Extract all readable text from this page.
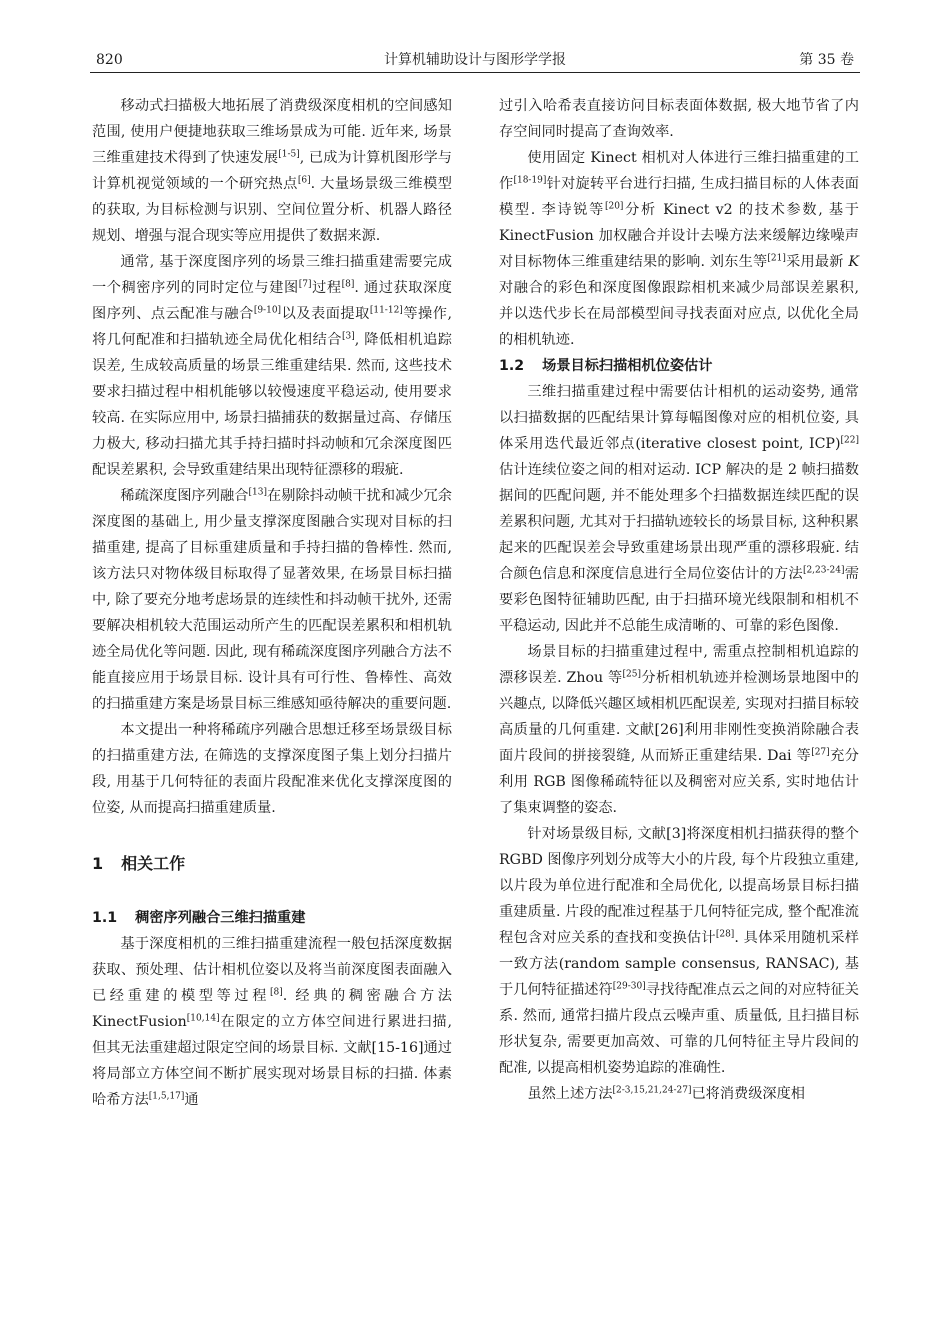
820	计算机辅助设计与图形学学报	第 35 卷

移动式扫描极大地拓展了消费级深度相机的空间感知范围, 使用户便捷地获取三维场景成为可能. 近年来, 场景三维重建技术得到了快速发展[1-5], 已成为计算机图形学与计算机视觉领域的一个研究热点[6]. 大量场景级三维模型的获取, 为目标检测与识别、空间位置分析、机器人路径规划、增强与混合现实等应用提供了数据来源.

通常, 基于深度图序列的场景三维扫描重建需要完成一个稠密序列的同时定位与建图[7]过程[8]. 通过获取深度图序列、点云配准与融合[9-10]以及表面提取[11-12]等操作, 将几何配准和扫描轨迹全局优化相结合[3], 降低相机追踪误差, 生成较高质量的场景三维重建结果. 然而, 这些技术要求扫描过程中相机能够以较慢速度平稳运动, 使用要求较高. 在实际应用中, 场景扫描捕获的数据量过高、存储压力极大, 移动扫描尤其手持扫描时抖动帧和冗余深度图匹配误差累积, 会导致重建结果出现特征漂移的瑕疵.

稀疏深度图序列融合[13]在剔除抖动帧干扰和减少冗余深度图的基础上, 用少量支撑深度图融合实现对目标的扫描重建, 提高了目标重建质量和手持扫描的鲁棒性. 然而, 该方法只对物体级目标取得了显著效果, 在场景目标扫描中, 除了要充分地考虑场景的连续性和抖动帧干扰外, 还需要解决相机较大范围运动所产生的匹配误差累积和相机轨迹全局优化等问题. 因此, 现有稀疏深度图序列融合方法不能直接应用于场景目标. 设计具有可行性、鲁棒性、高效的扫描重建方案是场景目标三维感知亟待解决的重要问题.

本文提出一种将稀疏序列融合思想迁移至场景级目标的扫描重建方法, 在筛选的支撑深度图子集上划分扫描片段, 用基于几何特征的表面片段配准来优化支撑深度图的位姿, 从而提高扫描重建质量.

1 相关工作
1.1 稠密序列融合三维扫描重建

基于深度相机的三维扫描重建流程一般包括深度数据获取、预处理、估计相机位姿以及将当前深度图表面融入已经重建的模型等过程[8]. 经典的稠密融合方法 KinectFusion[10,14]在限定的立方体空间进行累进扫描, 但其无法重建超过限定空间的场景目标. 文献[15-16]通过将局部立方体空间不断扩展实现对场景目标的扫描. 体素哈希方法[1,5,17]通

过引入哈希表直接访问目标表面体数据, 极大地节省了内存空间同时提高了查询效率.

使用固定 Kinect 相机对人体进行三维扫描重建的工作[18-19]针对旋转平台进行扫描, 生成扫描目标的人体表面模型. 李诗锐等[20]分析 Kinect v2 的技术参数, 基于 KinectFusion 加权融合并设计去噪方法来缓解边缘噪声对目标物体三维重建结果的影响. 刘东生等[21]采用最新 K 对融合的彩色和深度图像跟踪相机来减少局部误差累积, 并以迭代步长在局部模型间寻找表面对应点, 以优化全局的相机轨迹.

1.2 场景目标扫描相机位姿估计

三维扫描重建过程中需要估计相机的运动姿势, 通常以扫描数据的匹配结果计算每幅图像对应的相机位姿, 具体采用迭代最近邻点(iterative closest point, ICP)[22]估计连续位姿之间的相对运动. ICP 解决的是 2 帧扫描数据间的匹配问题, 并不能处理多个扫描数据连续匹配的误差累积问题, 尤其对于扫描轨迹较长的场景目标, 这种积累起来的匹配误差会导致重建场景出现严重的漂移瑕疵. 结合颜色信息和深度信息进行全局位姿估计的方法[2,23-24]需要彩色图特征辅助匹配, 由于扫描环境光线限制和相机不平稳运动, 因此并不总能生成清晰的、可靠的彩色图像.

场景目标的扫描重建过程中, 需重点控制相机追踪的漂移误差. Zhou 等[25]分析相机轨迹并检测场景地图中的兴趣点, 以降低兴趣区域相机匹配误差, 实现对扫描目标较高质量的几何重建. 文献[26]利用非刚性变换消除融合表面片段间的拼接裂缝, 从而矫正重建结果. Dai 等[27]充分利用 RGB 图像稀疏特征以及稠密对应关系, 实时地估计了集束调整的姿态.

针对场景级目标, 文献[3]将深度相机扫描获得的整个 RGBD 图像序列划分成等大小的片段, 每个片段独立重建, 以片段为单位进行配准和全局优化, 以提高场景目标扫描重建质量. 片段的配准过程基于几何特征完成, 整个配准流程包含对应关系的查找和变换估计[28]. 具体采用随机采样一致方法(random sample consensus, RANSAC), 基于几何特征描述符[29-30]寻找待配准点云之间的对应特征关系. 然而, 通常扫描片段点云噪声重、质量低, 且扫描目标形状复杂, 需要更加高效、可靠的几何特征主导片段间的配准, 以提高相机姿势追踪的准确性.

虽然上述方法[2-3,15,21,24-27]已将消费级深度相
